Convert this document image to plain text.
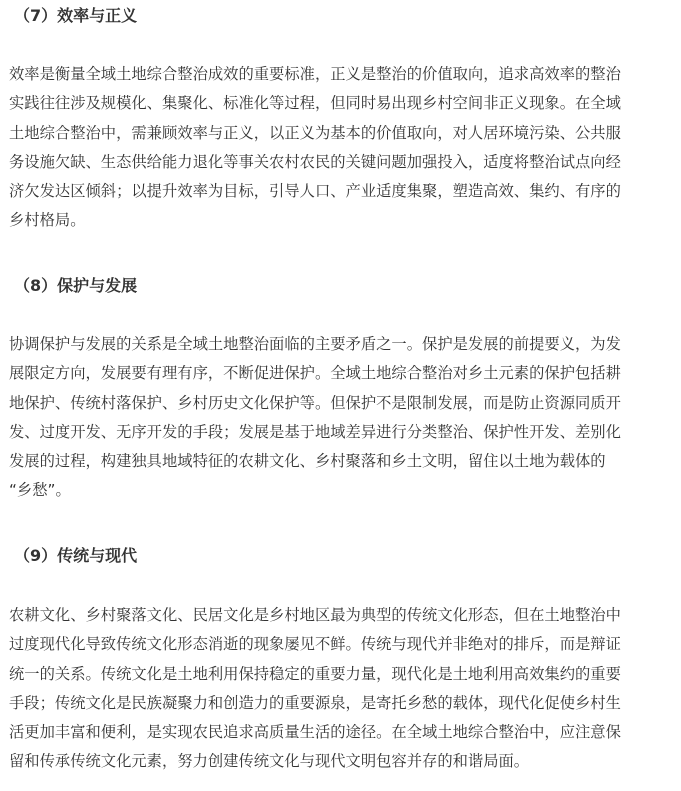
（7）效率与正义

效率是衡量全域土地综合整治成效的重要标准，正义是整治的价值取向，追求高效率的整治
实践往往涉及规模化、集聚化、标准化等过程，但同时易出现乡村空间非正义现象。在全域
土地综合整治中，需兼顾效率与正义，以正义为基本的价值取向，对人居环境污染、公共服
务设施欠缺、生态供给能力退化等事关农村农民的关键问题加强投入，适度将整治试点向经
济欠发达区倾斜；以提升效率为目标，引导人口、产业适度集聚，塑造高效、集约、有序的
乡村格局。

（8）保护与发展

协调保护与发展的关系是全域土地整治面临的主要矛盾之一。保护是发展的前提要义，为发
展限定方向，发展要有理有序，不断促进保护。全域土地综合整治对乡土元素的保护包括耕
地保护、传统村落保护、乡村历史文化保护等。但保护不是限制发展，而是防止资源同质开
发、过度开发、无序开发的手段；发展是基于地域差异进行分类整治、保护性开发、差别化
发展的过程，构建独具地域特征的农耕文化、乡村聚落和乡土文明，留住以土地为载体的
“乡愁”。

（9）传统与现代

农耕文化、乡村聚落文化、民居文化是乡村地区最为典型的传统文化形态，但在土地整治中
过度现代化导致传统文化形态消逝的现象屡见不鲜。传统与现代并非绝对的排斥，而是辩证
统一的关系。传统文化是土地利用保持稳定的重要力量，现代化是土地利用高效集约的重要
手段；传统文化是民族凝聚力和创造力的重要源泉，是寄托乡愁的载体，现代化促使乡村生
活更加丰富和便利，是实现农民追求高质量生活的途径。在全域土地综合整治中，应注意保
留和传承传统文化元素，努力创建传统文化与现代文明包容并存的和谐局面。
